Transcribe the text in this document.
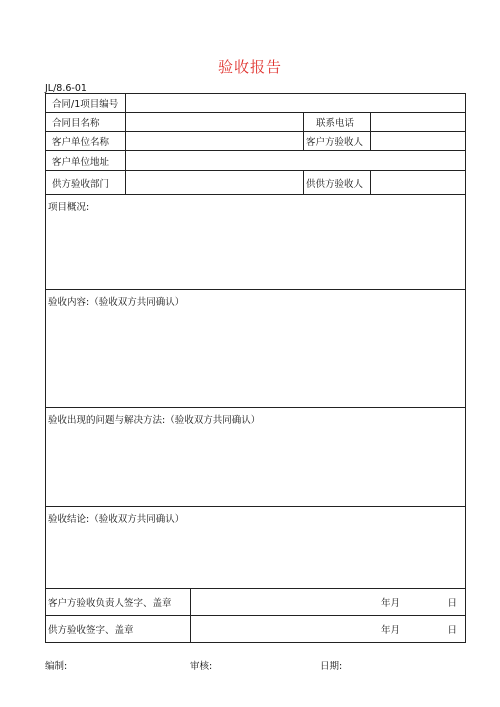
验收报告
JL/8.6-01
合同/1项目编号				
合同目名称			联系电话	
客户单位名称			客户方验收人	
客户单位地址				
供方验收部门			供供方验收人	
项目概况:				
验收内容:（验收双方共同确认）				
验收出现的问题与解决方法:（验收双方共同确认）				
验收结论:（验收双方共同确认）				
客户方验收负责人签字、盖章		年月 日		

供方验收签字、盖章		年月 日		
编制:	审核:	日期:
